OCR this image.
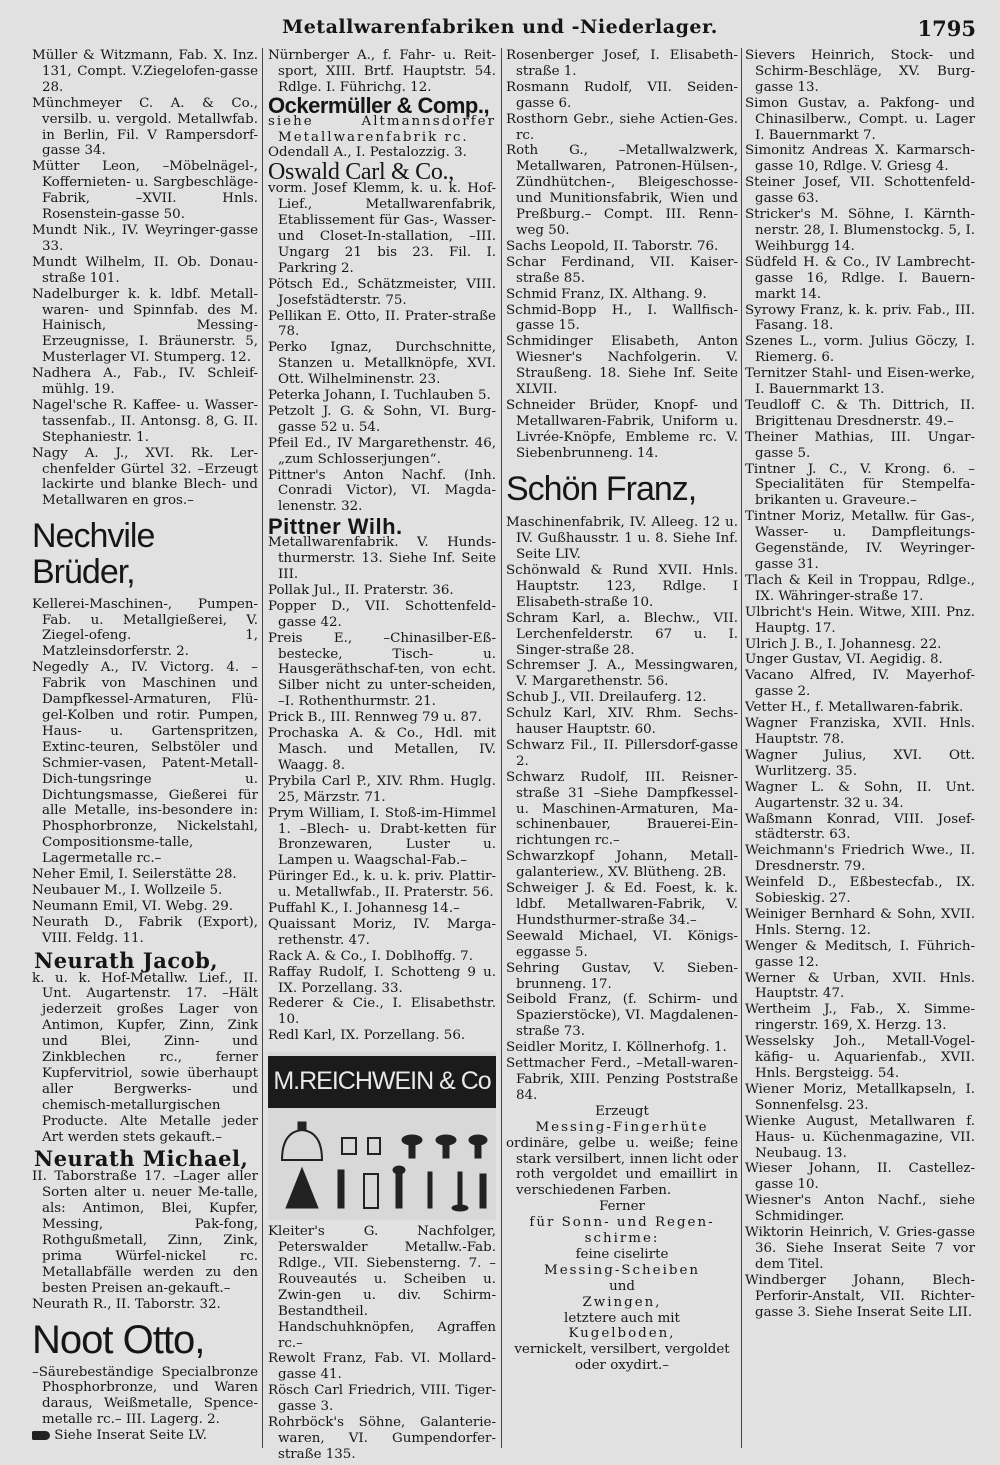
Metallwarenfabriken und -Niederlager.	1795
Müller & Witzmann, Fab. X. Inz. 131, Compt. V.Ziegelofen-gasse 28.
Münchmeyer C. A. & Co., versilb. u. vergold. Metallwfab. in Berlin, Fil. V Rampersdorf-gasse 34.
Mütter Leon, –Möbelnägel-, Koffernieten- u. Sargbeschläge-Fabrik, –XVII. Hnls. Rosenstein-gasse 50.
Mundt Nik., IV. Weyringer-gasse 33.
Mundt Wilhelm, II. Ob. Donau-straße 101.
Nadelburger k. k. ldbf. Metall-waren- und Spinnfab. des M. Hainisch, Messing-Erzeugnisse, I. Bräunerstr. 5, Musterlager VI. Stumperg. 12.
Nadhera A., Fab., IV. Schleif-mühlg. 19.
Nagel'sche R. Kaffee- u. Wasser-tassenfab., II. Antonsg. 8, G. II. Stephaniestr. 1.
Nagy A. J., XVI. Rk. Ler-chenfelder Gürtel 32. –Erzeugt lackirte und blanke Blech- und Metallwaren en gros.–
Nechvile Brüder,
Kellerei-Maschinen-, Pumpen-Fab. u. Metallgießerei, V. Ziegel-ofeng. 1, Matzleinsdorferstr. 2.
Negedly A., IV. Victorg. 4. –Fabrik von Maschinen und Dampfkessel-Armaturen, Flü-gel-Kolben und rotir. Pumpen, Haus- u. Gartenspritzen, Extinc-teuren, Selbstöler und Schmier-vasen, Patent-Metall-Dich-tungsringe u. Dichtungsmasse, Gießerei für alle Metalle, ins-besondere in: Phosphorbronze, Nickelstahl, Compositionsme-talle, Lagermetalle rc.–
Neher Emil, I. Seilerstätte 28.
Neubauer M., I. Wollzeile 5.
Neumann Emil, VI. Webg. 29.
Neurath D., Fabrik (Export), VIII. Feldg. 11.
Neurath Jacob,
k. u. k. Hof-Metallw. Lief., II. Unt. Augartenstr. 17. –Hält jederzeit großes Lager von Antimon, Kupfer, Zinn, Zink und Blei, Zinn- und Zinkblechen rc., ferner Kupfervitriol, sowie überhaupt aller Bergwerks- und chemisch-metallurgischen Producte. Alte Metalle jeder Art werden stets gekauft.–
Neurath Michael,
II. Taborstraße 17. –Lager aller Sorten alter u. neuer Me-talle, als: Antimon, Blei, Kupfer, Messing, Pak-fong, Rothgußmetall, Zinn, Zink, prima Würfel-nickel rc. Metallabfälle werden zu den besten Preisen an-gekauft.–
Neurath R., II. Taborstr. 32.
Noot Otto,
–Säurebeständige Specialbronze Phosphorbronze, und Waren daraus, Weißmetalle, Spence-metalle rc.– III. Lagerg. 2.
Siehe Inserat Seite LV.
Nürnberger A., f. Fahr- u. Reit-sport, XIII. Brtf. Hauptstr. 54. Rdlge. I. Führichg. 12.
Ockermüller & Comp.,
siehe Altmannsdorfer Metallwarenfabrik rc.
Odendall A., I. Pestalozzig. 3.
Oswald Carl & Co.,
vorm. Josef Klemm, k. u. k. Hof-Lief., Metallwarenfabrik, Etablissement für Gas-, Wasser- und Closet-In-stallation, –III. Ungarg 21 bis 23. Fil. I. Parkring 2.
Pötsch Ed., Schätzmeister, VIII. Josefstädterstr. 75.
Pellikan E. Otto, II. Prater-straße 78.
Perko Ignaz, Durchschnitte, Stanzen u. Metallknöpfe, XVI. Ott. Wilhelminenstr. 23.
Peterka Johann, I. Tuchlauben 5.
Petzolt J. G. & Sohn, VI. Burg-gasse 52 u. 54.
Pfeil Ed., IV Margarethenstr. 46, „zum Schlosserjungen“.
Pittner's Anton Nachf. (Inh. Conradi Victor), VI. Magda-lenenstr. 32.
Pittner Wilh.
Metallwarenfabrik. V. Hunds-thurmerstr. 13. Siehe Inf. Seite III.
Pollak Jul., II. Praterstr. 36.
Popper D., VII. Schottenfeld-gasse 42.
Preis E., –Chinasilber-Eß-bestecke, Tisch- u. Hausgeräthschaf-ten, von echt. Silber nicht zu unter-scheiden, –I. Rothenthurmstr. 21.
Prick B., III. Rennweg 79 u. 87.
Prochaska A. & Co., Hdl. mit Masch. und Metallen, IV. Waagg. 8.
Prybila Carl P., XIV. Rhm. Huglg. 25, Märzstr. 71.
Prym William, I. Stoß-im-Himmel 1. –Blech- u. Drabt-ketten für Bronzewaren, Luster u. Lampen u. Waagschal-Fab.–
Püringer Ed., k. u. k. priv. Plattir-u. Metallwfab., II. Praterstr. 56.
Puffahl K., I. Johannesg 14.–
Quaissant Moriz, IV. Marga-rethenstr. 47.
Rack A. & Co., I. Doblhoffg. 7.
Raffay Rudolf, I. Schotteng 9 u. IX. Porzellang. 33.
Rederer & Cie., I. Elisabethstr. 10.
Redl Karl, IX. Porzellang. 56.
M.REICHWEIN & Co
Kleiter's G. Nachfolger, Peterswalder Metallw.-Fab. Rdlge., VII. Siebensterng. 7. –Rouveautés u. Scheiben u. Zwin-gen u. div. Schirm-Bestandtheil. Handschuhknöpfen, Agraffen rc.–
Rewolt Franz, Fab. VI. Mollard-gasse 41.
Rösch Carl Friedrich, VIII. Tiger-gasse 3.
Rohrböck's Söhne, Galanterie-waren, VI. Gumpendorfer-straße 135.
Rosenberger Josef, I. Elisabeth-straße 1.
Rosmann Rudolf, VII. Seiden-gasse 6.
Rosthorn Gebr., siehe Actien-Ges. rc.
Roth G., –Metallwalzwerk, Metallwaren, Patronen-Hülsen-, Zündhütchen-, Bleigeschosse- und Munitionsfabrik, Wien und Preßburg.– Compt. III. Renn-weg 50.
Sachs Leopold, II. Taborstr. 76.
Schar Ferdinand, VII. Kaiser-straße 85.
Schmid Franz, IX. Althang. 9.
Schmid-Bopp H., I. Wallfisch-gasse 15.
Schmidinger Elisabeth, Anton Wiesner's Nachfolgerin. V. Straußeng. 18. Siehe Inf. Seite XLVII.
Schneider Brüder, Knopf- und Metallwaren-Fabrik, Uniform u. Livrée-Knöpfe, Embleme rc. V. Siebenbrunneng. 14.
Schön Franz,
Maschinenfabrik, IV. Alleeg. 12 u. IV. Gußhausstr. 1 u. 8. Siehe Inf. Seite LIV.
Schönwald & Rund XVII. Hnls. Hauptstr. 123, Rdlge. I Elisabeth-straße 10.
Schram Karl, a. Blechw., VII. Lerchenfelderstr. 67 u. I. Singer-straße 28.
Schremser J. A., Messingwaren, V. Margarethenstr. 56.
Schub J., VII. Dreilauferg. 12.
Schulz Karl, XIV. Rhm. Sechs-hauser Hauptstr. 60.
Schwarz Fil., II. Pillersdorf-gasse 2.
Schwarz Rudolf, III. Reisner-straße 31 –Siehe Dampfkessel-u. Maschinen-Armaturen, Ma-schinenbauer, Brauerei-Ein-richtungen rc.–
Schwarzkopf Johann, Metall-galanteriew., XV. Blütheng. 2B.
Schweiger J. & Ed. Foest, k. k. ldbf. Metallwaren-Fabrik, V. Hundsthurmer-straße 34.–
Seewald Michael, VI. Königs-eggasse 5.
Sehring Gustav, V. Sieben-brunneng. 17.
Seibold Franz, (f. Schirm- und Spazierstöcke), VI. Magdalenen-straße 73.
Seidler Moritz, I. Köllnerhofg. 1.
Settmacher Ferd., –Metall-waren-Fabrik, XIII. Penzing Poststraße 84.
Erzeugt
Messing-Fingerhüte
ordinäre, gelbe u. weiße; feine stark versilbert, innen licht oder roth vergoldet und emaillirt in verschiedenen Farben.
Ferner
für Sonn- und Regen-schirme:
feine ciselirte
Messing-Scheiben
und
Zwingen,
letztere auch mit
Kugelboden,
vernickelt, versilbert, vergoldet oder oxydirt.–
Sievers Heinrich, Stock- und Schirm-Beschläge, XV. Burg-gasse 13.
Simon Gustav, a. Pakfong- und Chinasilberw., Compt. u. Lager I. Bauernmarkt 7.
Simonitz Andreas X. Karmarsch-gasse 10, Rdlge. V. Griesg 4.
Steiner Josef, VII. Schottenfeld-gasse 63.
Stricker's M. Söhne, I. Kärnth-nerstr. 28, I. Blumenstockg. 5, I. Weihburgg 14.
Südfeld H. & Co., IV Lambrecht-gasse 16, Rdlge. I. Bauern-markt 14.
Syrowy Franz, k. k. priv. Fab., III. Fasang. 18.
Szenes L., vorm. Julius Göczy, I. Riemerg. 6.
Ternitzer Stahl- und Eisen-werke, I. Bauernmarkt 13.
Teudloff C. & Th. Dittrich, II. Brigittenau Dresdnerstr. 49.–
Theiner Mathias, III. Ungar-gasse 5.
Tintner J. C., V. Krong. 6. –Specialitäten für Stempelfa-brikanten u. Graveure.–
Tintner Moriz, Metallw. für Gas-, Wasser- u. Dampfleitungs-Gegenstände, IV. Weyringer-gasse 31.
Tlach & Keil in Troppau, Rdlge., IX. Währinger-straße 17.
Ulbricht's Hein. Witwe, XIII. Pnz. Hauptg. 17.
Ulrich J. B., I. Johannesg. 22.
Unger Gustav, VI. Aegidig. 8.
Vacano Alfred, IV. Mayerhof-gasse 2.
Vetter H., f. Metallwaren-fabrik.
Wagner Franziska, XVII. Hnls. Hauptstr. 78.
Wagner Julius, XVI. Ott. Wurlitzerg. 35.
Wagner L. & Sohn, II. Unt. Augartenstr. 32 u. 34.
Waßmann Konrad, VIII. Josef-städterstr. 63.
Weichmann's Friedrich Wwe., II. Dresdnerstr. 79.
Weinfeld D., Eßbestecfab., IX. Sobieskig. 27.
Weiniger Bernhard & Sohn, XVII. Hnls. Sterng. 12.
Wenger & Meditsch, I. Führich-gasse 12.
Werner & Urban, XVII. Hnls. Hauptstr. 47.
Wertheim J., Fab., X. Simme-ringerstr. 169, X. Herzg. 13.
Wesselsky Joh., Metall-Vogel-käfig- u. Aquarienfab., XVII. Hnls. Bergsteigg. 54.
Wiener Moriz, Metallkapseln, I. Sonnenfelsg. 23.
Wienke August, Metallwaren f. Haus- u. Küchenmagazine, VII. Neubaug. 13.
Wieser Johann, II. Castellez-gasse 10.
Wiesner's Anton Nachf., siehe Schmidinger.
Wiktorin Heinrich, V. Gries-gasse 36. Siehe Inserat Seite 7 vor dem Titel.
Windberger Johann, Blech-Perforir-Anstalt, VII. Richter-gasse 3. Siehe Inserat Seite LII.
